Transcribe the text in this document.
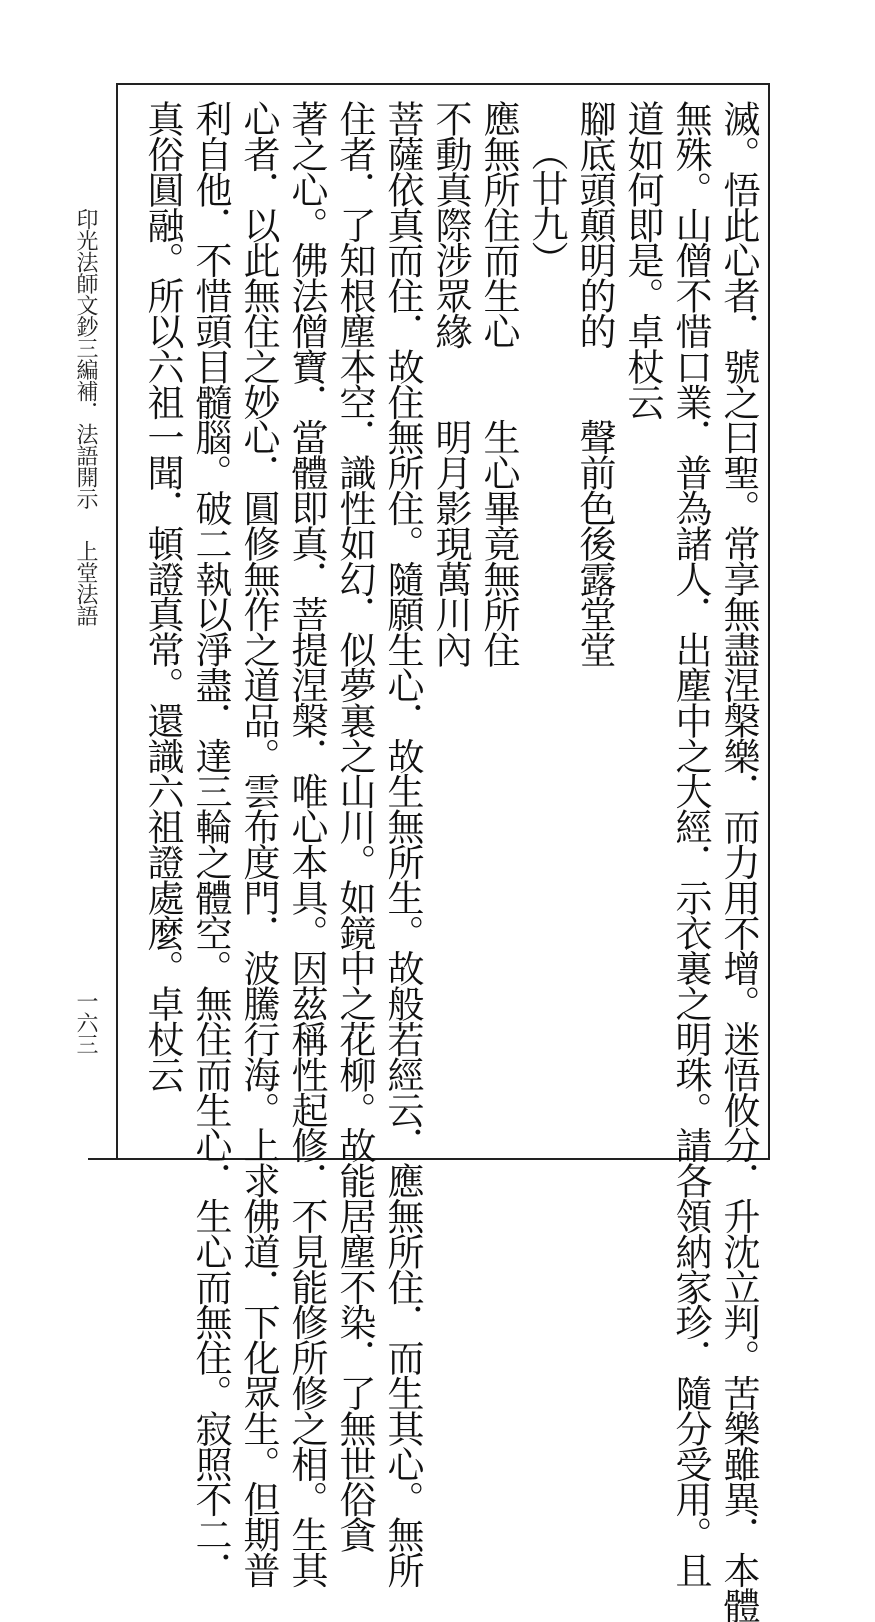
印光法師文鈔三編補．法語開示
上堂法語
一六三	滅。悟此心者．號之曰聖。常享無盡涅槃樂．而力用不增。迷悟攸分．升沈立判。苦樂雖異．本體
無殊。山僧不惜口業．普為諸人．出塵中之大經．示衣裏之明珠。請各領納家珍．隨分受用。且
道如何即是。卓杖云
腳底頭顛明的的　　聲前色後露堂堂
（廿九）
應無所住而生心　　生心畢竟無所住
不動真際涉眾緣　　明月影現萬川內
菩薩依真而住．故住無所住。隨願生心．故生無所生。故般若經云．應無所住．而生其心。無所
住者．了知根塵本空．識性如幻．似夢裏之山川。如鏡中之花柳。故能居塵不染．了無世俗貪
著之心。佛法僧寶．當體即真．菩提涅槃．唯心本具。因茲稱性起修．不見能修所修之相。生其
心者．以此無住之妙心．圓修無作之道品。雲布度門．波騰行海。上求佛道．下化眾生。但期普
利自他．不惜頭目髓腦。破二執以淨盡．達三輪之體空。無住而生心．生心而無住。寂照不二．
真俗圓融。所以六祖一聞．頓證真常。還識六祖證處麼。卓杖云
